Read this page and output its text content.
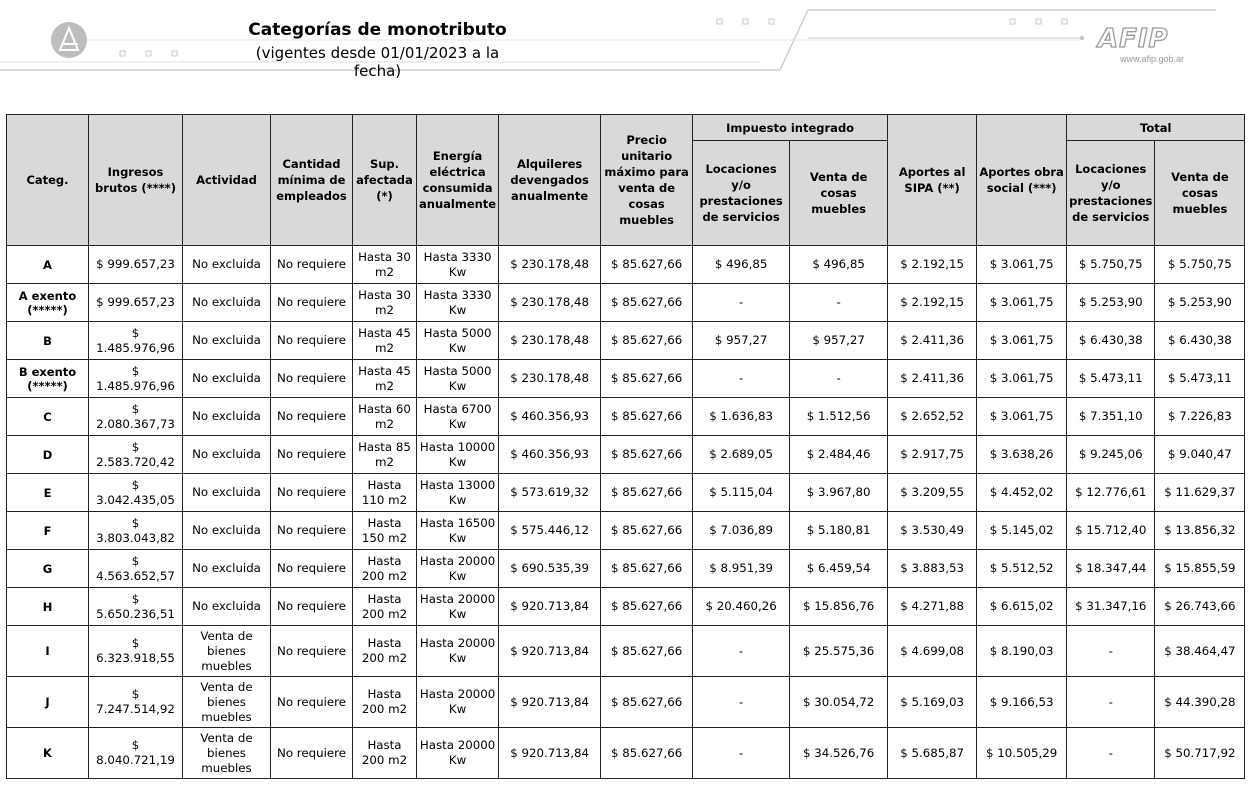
Categorías de monotributo
(vigentes desde 01/01/2023 a la fecha)
AFIP
www.afip.gob.ar
Categ.	Ingresos brutos (****)	Actividad	Cantidad mínima de empleados	Sup. afectada (*)	Energía eléctrica consumida anualmente	Alquileres devengados anualmente	Precio unitario máximo para venta de cosas muebles	Impuesto integrado		Aportes al SIPA (**)	Aportes obra social (***)	Total	
								Locaciones y/o prestaciones de servicios	Venta de cosas muebles			Locaciones y/o prestaciones de servicios	Venta de cosas muebles
A	$ 999.657,23	No excluida	No requiere	Hasta 30 m2	Hasta 3330 Kw	$ 230.178,48	$ 85.627,66	$ 496,85	$ 496,85	$ 2.192,15	$ 3.061,75	$ 5.750,75	$ 5.750,75
A exento (*****)	$ 999.657,23	No excluida	No requiere	Hasta 30 m2	Hasta 3330 Kw	$ 230.178,48	$ 85.627,66	-	-	$ 2.192,15	$ 3.061,75	$ 5.253,90	$ 5.253,90
B	$ 1.485.976,96	No excluida	No requiere	Hasta 45 m2	Hasta 5000 Kw	$ 230.178,48	$ 85.627,66	$ 957,27	$ 957,27	$ 2.411,36	$ 3.061,75	$ 6.430,38	$ 6.430,38
B exento (*****)	$ 1.485.976,96	No excluida	No requiere	Hasta 45 m2	Hasta 5000 Kw	$ 230.178,48	$ 85.627,66	-	-	$ 2.411,36	$ 3.061,75	$ 5.473,11	$ 5.473,11
C	$ 2.080.367,73	No excluida	No requiere	Hasta 60 m2	Hasta 6700 Kw	$ 460.356,93	$ 85.627,66	$ 1.636,83	$ 1.512,56	$ 2.652,52	$ 3.061,75	$ 7.351,10	$ 7.226,83
D	$ 2.583.720,42	No excluida	No requiere	Hasta 85 m2	Hasta 10000 Kw	$ 460.356,93	$ 85.627,66	$ 2.689,05	$ 2.484,46	$ 2.917,75	$ 3.638,26	$ 9.245,06	$ 9.040,47
E	$ 3.042.435,05	No excluida	No requiere	Hasta 110 m2	Hasta 13000 Kw	$ 573.619,32	$ 85.627,66	$ 5.115,04	$ 3.967,80	$ 3.209,55	$ 4.452,02	$ 12.776,61	$ 11.629,37
F	$ 3.803.043,82	No excluida	No requiere	Hasta 150 m2	Hasta 16500 Kw	$ 575.446,12	$ 85.627,66	$ 7.036,89	$ 5.180,81	$ 3.530,49	$ 5.145,02	$ 15.712,40	$ 13.856,32
G	$ 4.563.652,57	No excluida	No requiere	Hasta 200 m2	Hasta 20000 Kw	$ 690.535,39	$ 85.627,66	$ 8.951,39	$ 6.459,54	$ 3.883,53	$ 5.512,52	$ 18.347,44	$ 15.855,59
H	$ 5.650.236,51	No excluida	No requiere	Hasta 200 m2	Hasta 20000 Kw	$ 920.713,84	$ 85.627,66	$ 20.460,26	$ 15.856,76	$ 4.271,88	$ 6.615,02	$ 31.347,16	$ 26.743,66
I	$ 6.323.918,55	Venta de bienes muebles	No requiere	Hasta 200 m2	Hasta 20000 Kw	$ 920.713,84	$ 85.627,66	-	$ 25.575,36	$ 4.699,08	$ 8.190,03	-	$ 38.464,47
J	$ 7.247.514,92	Venta de bienes muebles	No requiere	Hasta 200 m2	Hasta 20000 Kw	$ 920.713,84	$ 85.627,66	-	$ 30.054,72	$ 5.169,03	$ 9.166,53	-	$ 44.390,28
K	$ 8.040.721,19	Venta de bienes muebles	No requiere	Hasta 200 m2	Hasta 20000 Kw	$ 920.713,84	$ 85.627,66	-	$ 34.526,76	$ 5.685,87	$ 10.505,29	-	$ 50.717,92
